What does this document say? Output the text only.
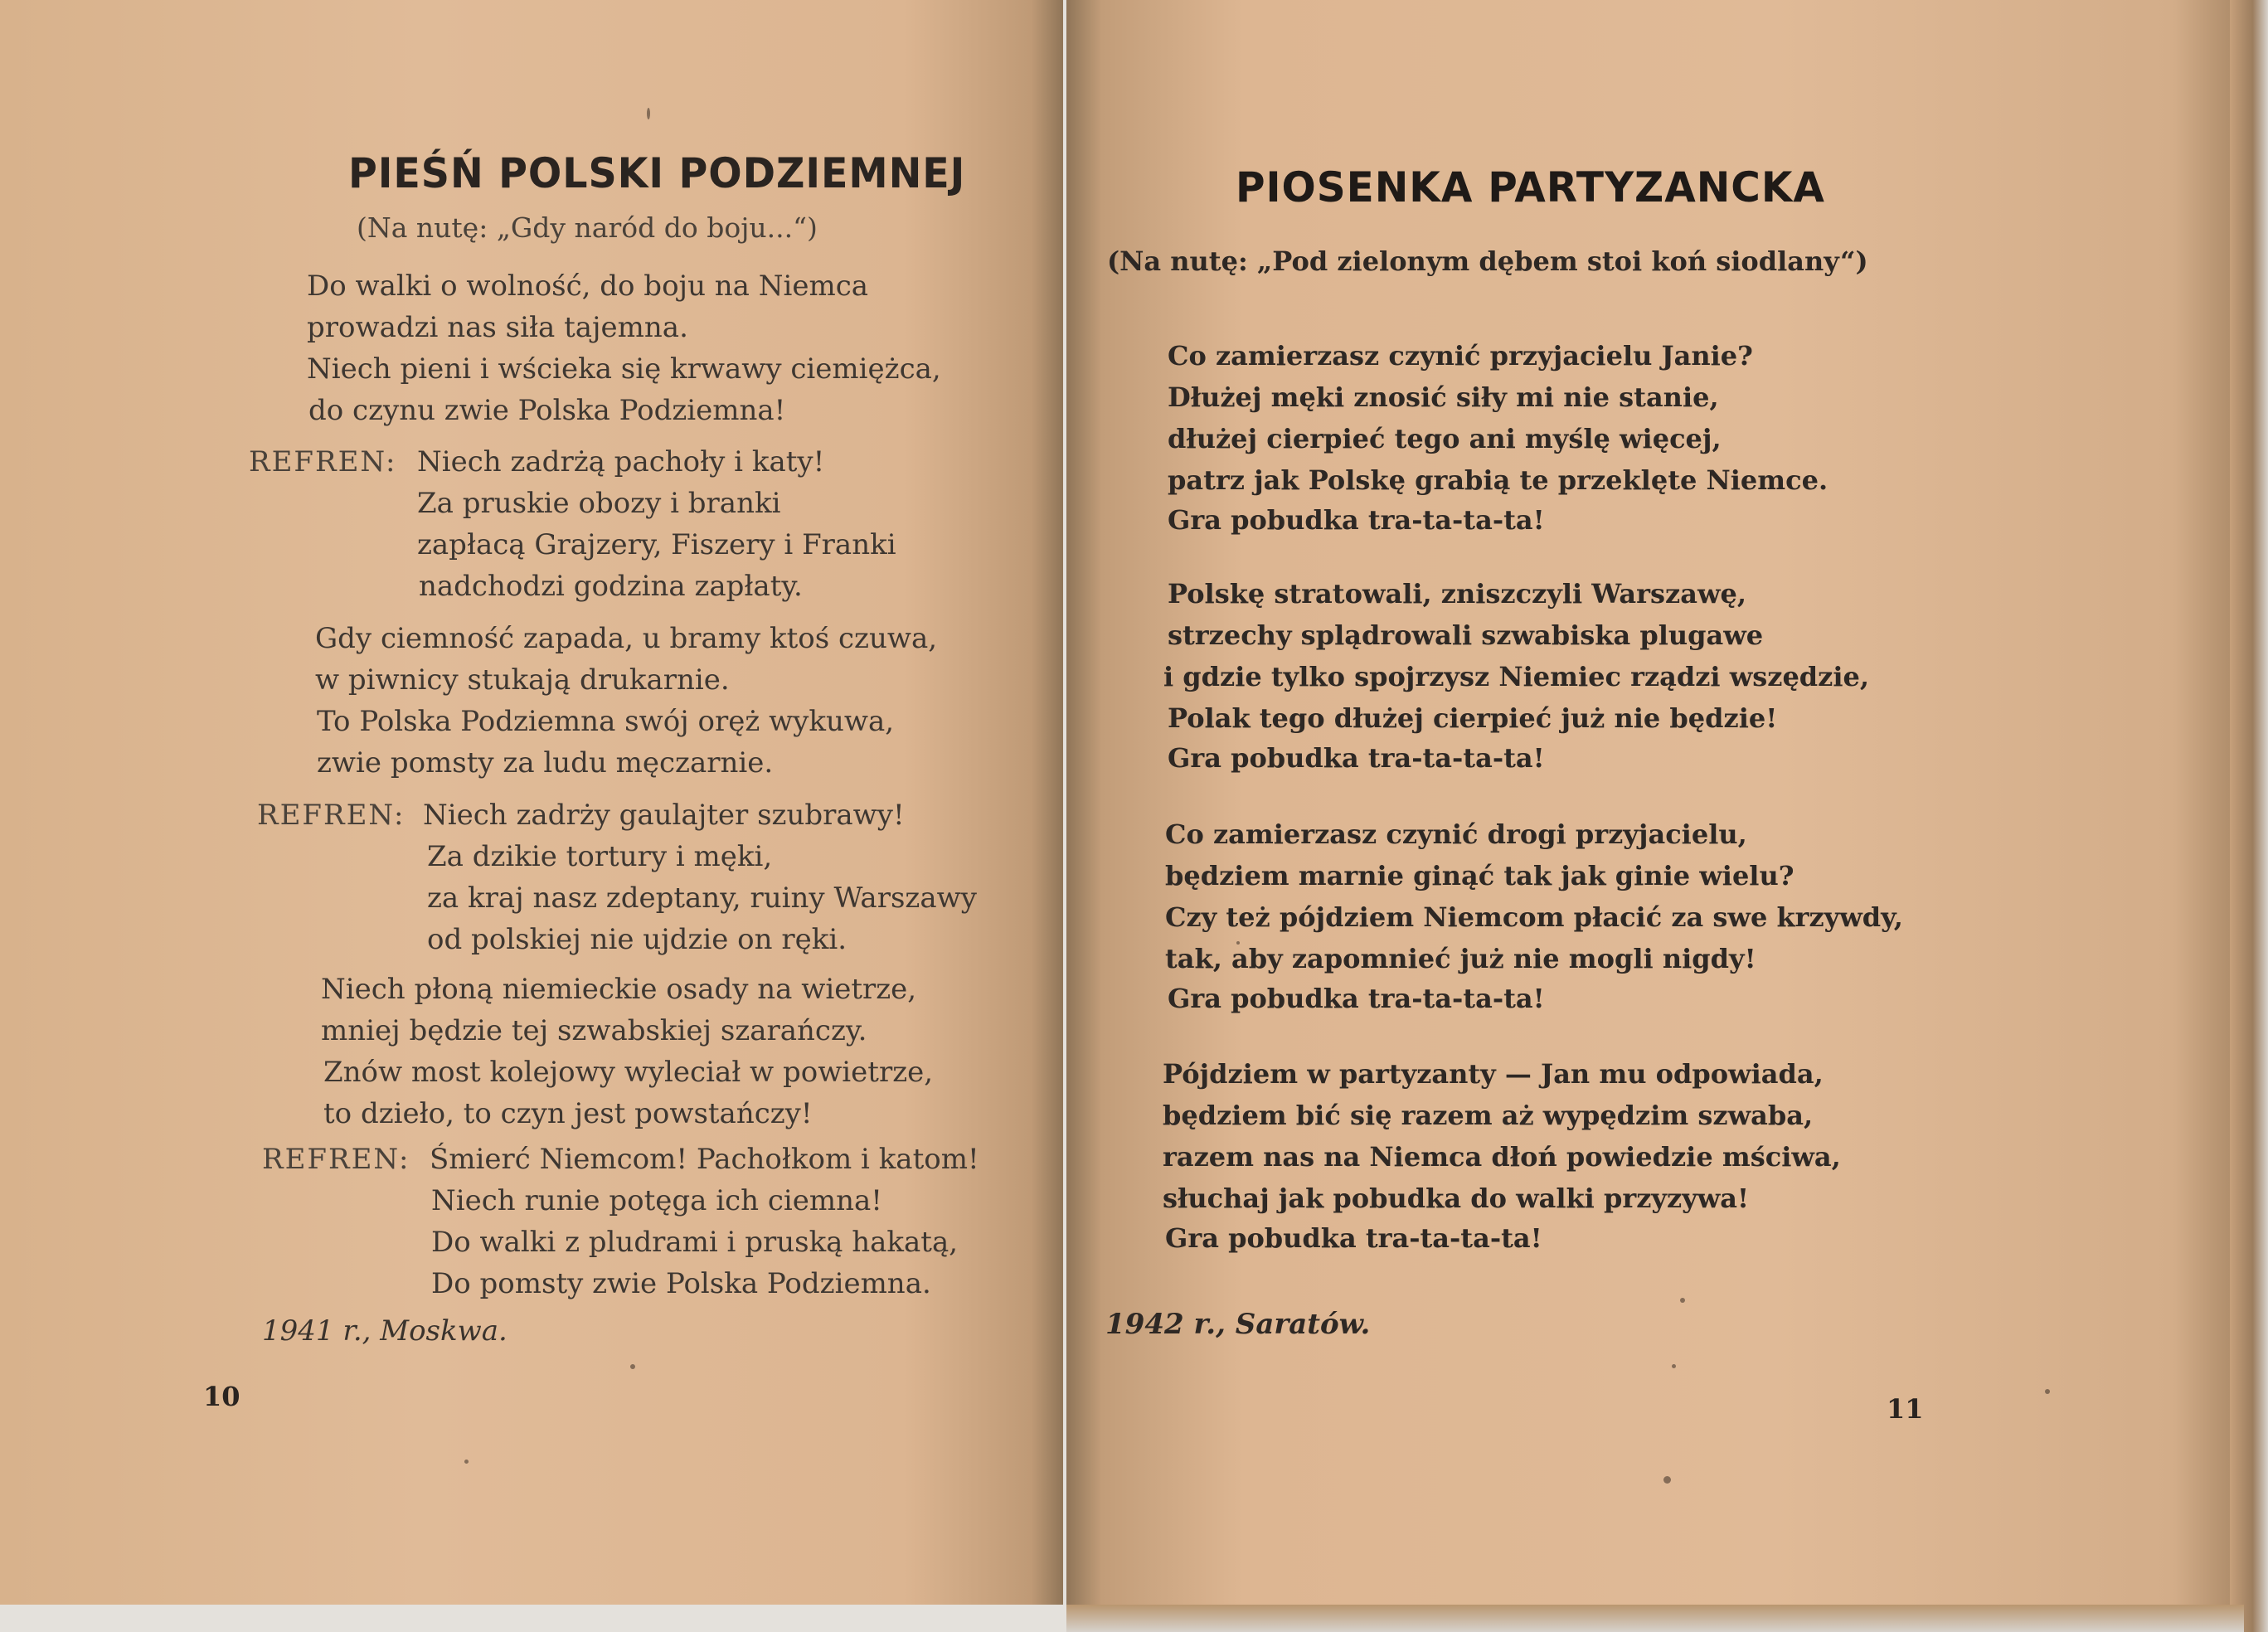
PIEŚŃ POLSKI PODZIEMNEJ

(Na nutę: „Gdy naród do boju...“)

Do walki o wolność, do boju na Niemca

prowadzi nas siła tajemna.

Niech pieni i wścieka się krwawy ciemiężca,

do czynu zwie Polska Podziemna!

REFREN: Niech zadrżą pachoły i katy!

Za pruskie obozy i branki

zapłacą Grajzery, Fiszery i Franki

nadchodzi godzina zapłaty.

Gdy ciemność zapada, u bramy ktoś czuwa,

w piwnicy stukają drukarnie.

To Polska Podziemna swój oręż wykuwa,

zwie pomsty za ludu męczarnie.

REFREN: Niech zadrży gaulajter szubrawy!

Za dzikie tortury i męki,

za kraj nasz zdeptany, ruiny Warszawy

od polskiej nie ujdzie on ręki.

Niech płoną niemieckie osady na wietrze,

mniej będzie tej szwabskiej szarańczy.

Znów most kolejowy wyleciał w powietrze,

to dzieło, to czyn jest powstańczy!

REFREN: Śmierć Niemcom! Pachołkom i katom!

Niech runie potęga ich ciemna!

Do walki z pludrami i pruską hakatą,

Do pomsty zwie Polska Podziemna.

1941 r., Moskwa.

10

PIOSENKA PARTYZANCKA

(Na nutę: „Pod zielonym dębem stoi koń siodlany“)

Co zamierzasz czynić przyjacielu Janie?

Dłużej męki znosić siły mi nie stanie,

dłużej cierpieć tego ani myślę więcej,

patrz jak Polskę grabią te przeklęte Niemce.

Gra pobudka tra-ta-ta-ta!

Polskę stratowali, zniszczyli Warszawę,

strzechy splądrowali szwabiska plugawe

i gdzie tylko spojrzysz Niemiec rządzi wszędzie,

Polak tego dłużej cierpieć już nie będzie!

Gra pobudka tra-ta-ta-ta!

Co zamierzasz czynić drogi przyjacielu,

będziem marnie ginąć tak jak ginie wielu?

Czy też pójdziem Niemcom płacić za swe krzywdy,

tak, aby zapomnieć już nie mogli nigdy!

Gra pobudka tra-ta-ta-ta!

Pójdziem w partyzanty — Jan mu odpowiada,

będziem bić się razem aż wypędzim szwaba,

razem nas na Niemca dłoń powiedzie mściwa,

słuchaj jak pobudka do walki przyzywa!

Gra pobudka tra-ta-ta-ta!

1942 r., Saratów.

11
